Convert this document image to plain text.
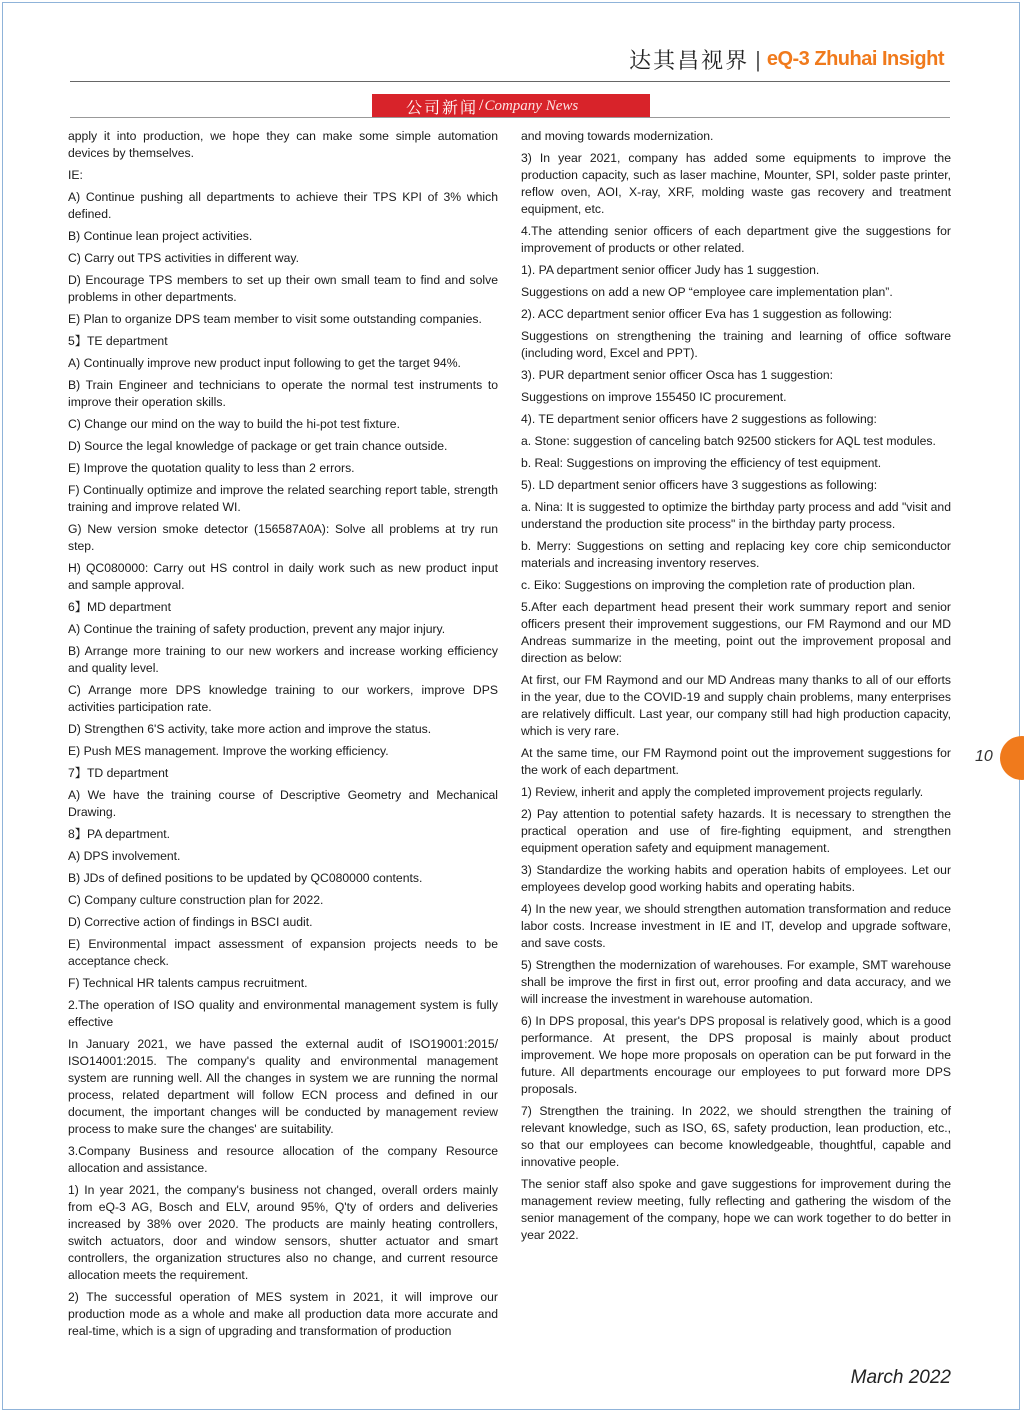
达其昌视界 | eQ-3 Zhuhai Insight
公司新闻 / Company News

apply it into production, we hope they can make some simple automation devices by themselves.

IE:

A) Continue pushing all departments to achieve their TPS KPI of 3% which defined.

B) Continue lean project activities.

C) Carry out TPS activities in different way.

D) Encourage TPS members to set up their own small team to find and solve problems in other departments.

E) Plan to organize DPS team member to visit some outstanding companies.

5】TE department

A) Continually improve new product input following to get the target 94%.

B) Train Engineer and technicians to operate the normal test instruments to improve their operation skills.

C) Change our mind on the way to build the hi-pot test fixture.

D) Source the legal knowledge of package or get train chance outside.

E) Improve the quotation quality to less than 2 errors.

F) Continually optimize and improve the related searching report table, strength training and improve related WI.

G) New version smoke detector (156587A0A): Solve all problems at try run step.

H) QC080000: Carry out HS control in daily work such as new product input and sample approval.

6】MD department

A) Continue the training of safety production, prevent any major injury.

B) Arrange more training to our new workers and increase working efficiency and quality level.

C) Arrange more DPS knowledge training to our workers, improve DPS activities participation rate.

D) Strengthen 6'S activity, take more action and improve the status.

E) Push MES management. Improve the working efficiency.

7】TD department

A) We have the training course of Descriptive Geometry and Mechanical Drawing.

8】PA department.

A) DPS involvement.

B) JDs of defined positions to be updated by QC080000 contents.

C) Company culture construction plan for 2022.

D) Corrective action of findings in BSCI audit.

E) Environmental impact assessment of expansion projects needs to be acceptance check.

F) Technical HR talents campus recruitment.

2.The operation of ISO quality and environmental management system is fully effective

In January 2021, we have passed the external audit of ISO19001:2015/ ISO14001:2015. The company's quality and environmental management system are running well. All the changes in system we are running the normal process, related department will follow ECN process and defined in our document, the important changes will be conducted by management review process to make sure the changes' are suitability.

3.Company Business and resource allocation of the company Resource allocation and assistance.

1) In year 2021, the company's business not changed, overall orders mainly from eQ-3 AG, Bosch and ELV, around 95%, Q'ty of orders and deliveries increased by 38% over 2020. The products are mainly heating controllers, switch actuators, door and window sensors, shutter actuator and smart controllers, the organization structures also no change, and current resource allocation meets the requirement.

2) The successful operation of MES system in 2021, it will improve our production mode as a whole and make all production data more accurate and real-time, which is a sign of upgrading and transformation of production

and moving towards modernization.

3) In year 2021, company has added some equipments to improve the production capacity, such as laser machine, Mounter, SPI, solder paste printer, reflow oven, AOI, X-ray, XRF, molding waste gas recovery and treatment equipment, etc.

4.The attending senior officers of each department give the suggestions for improvement of products or other related.

1). PA department senior officer Judy has 1 suggestion.

Suggestions on add a new OP “employee care implementation plan”.

2). ACC department senior officer Eva has 1 suggestion as following:

Suggestions on strengthening the training and learning of office software (including word, Excel and PPT).

3). PUR department senior officer Osca has 1 suggestion:

Suggestions on improve 155450 IC procurement.

4). TE department senior officers have 2 suggestions as following:

a. Stone: suggestion of canceling batch 92500 stickers for AQL test modules.

b. Real: Suggestions on improving the efficiency of test equipment.

5). LD department senior officers have 3 suggestions as following:

a. Nina: It is suggested to optimize the birthday party process and add "visit and understand the production site process" in the birthday party process.

b. Merry: Suggestions on setting and replacing key core chip semiconductor materials and increasing inventory reserves.

c. Eiko: Suggestions on improving the completion rate of production plan.

5.After each department head present their work summary report and senior officers present their improvement suggestions, our FM Raymond and our MD Andreas summarize in the meeting, point out the improvement proposal and direction as below:

At first, our FM Raymond and our MD Andreas many thanks to all of our efforts in the year, due to the COVID-19 and supply chain problems, many enterprises are relatively difficult. Last year, our company still had high production capacity, which is very rare.

At the same time, our FM Raymond point out the improvement suggestions for the work of each department.

1) Review, inherit and apply the completed improvement projects regularly.

2) Pay attention to potential safety hazards. It is necessary to strengthen the practical operation and use of fire-fighting equipment, and strengthen equipment operation safety and equipment management.

3) Standardize the working habits and operation habits of employees. Let our employees develop good working habits and operating habits.

4) In the new year, we should strengthen automation transformation and reduce labor costs. Increase investment in IE and IT, develop and upgrade software, and save costs.

5) Strengthen the modernization of warehouses. For example, SMT warehouse shall be improve the first in first out, error proofing and data accuracy, and we will increase the investment in warehouse automation.

6) In DPS proposal, this year's DPS proposal is relatively good, which is a good performance. At present, the DPS proposal is mainly about product improvement. We hope more proposals on operation can be put forward in the future. All departments encourage our employees to put forward more DPS proposals.

7) Strengthen the training. In 2022, we should strengthen the training of relevant knowledge, such as ISO, 6S, safety production, lean production, etc., so that our employees can become knowledgeable, thoughtful, capable and innovative people.

The senior staff also spoke and gave suggestions for improvement during the management review meeting, fully reflecting and gathering the wisdom of the senior management of the company, hope we can work together to do better in year 2022.

10
March 2022
